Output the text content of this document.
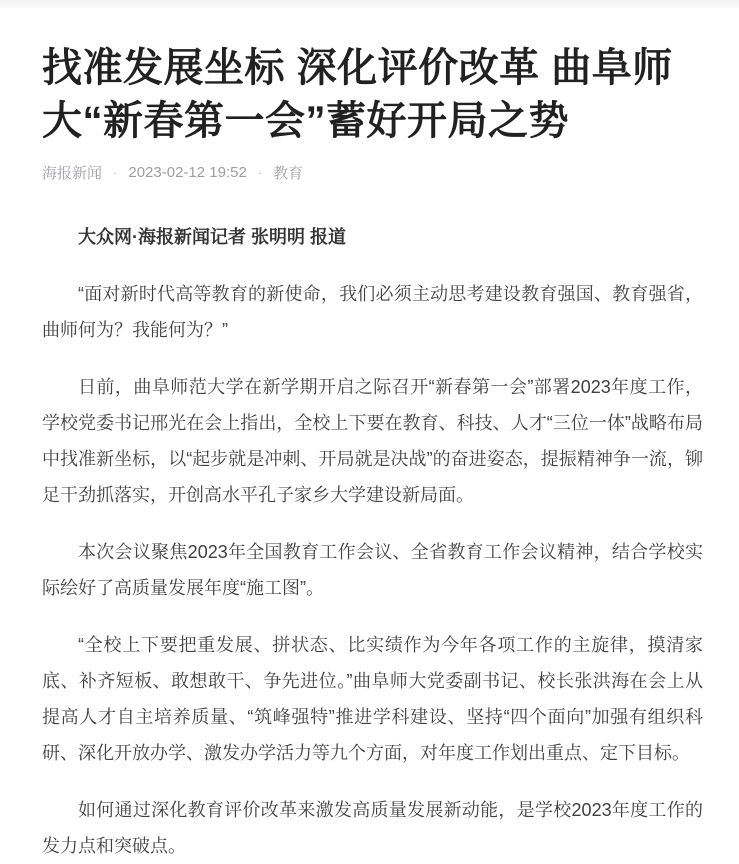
找准发展坐标 深化评价改革 曲阜师大“新春第一会”蓄好开局之势
海报新闻 · 2023-02-12 19:52 · 教育

大众网·海报新闻记者 张明明 报道

“面对新时代高等教育的新使命，我们必须主动思考建设教育强国、教育强省，曲师何为？我能何为？”

日前，曲阜师范大学在新学期开启之际召开“新春第一会”部署2023年度工作，学校党委书记邢光在会上指出，全校上下要在教育、科技、人才“三位一体”战略布局中找准新坐标，以“起步就是冲刺、开局就是决战”的奋进姿态，提振精神争一流，铆足干劲抓落实，开创高水平孔子家乡大学建设新局面。

本次会议聚焦2023年全国教育工作会议、全省教育工作会议精神，结合学校实际绘好了高质量发展年度“施工图”。

“全校上下要把重发展、拼状态、比实绩作为今年各项工作的主旋律，摸清家底、补齐短板、敢想敢干、争先进位。”曲阜师大党委副书记、校长张洪海在会上从提高人才自主培养质量、“筑峰强特”推进学科建设、坚持“四个面向”加强有组织科研、深化开放办学、激发办学活力等九个方面，对年度工作划出重点、定下目标。

如何通过深化教育评价改革来激发高质量发展新动能，是学校2023年度工作的发力点和突破点。
